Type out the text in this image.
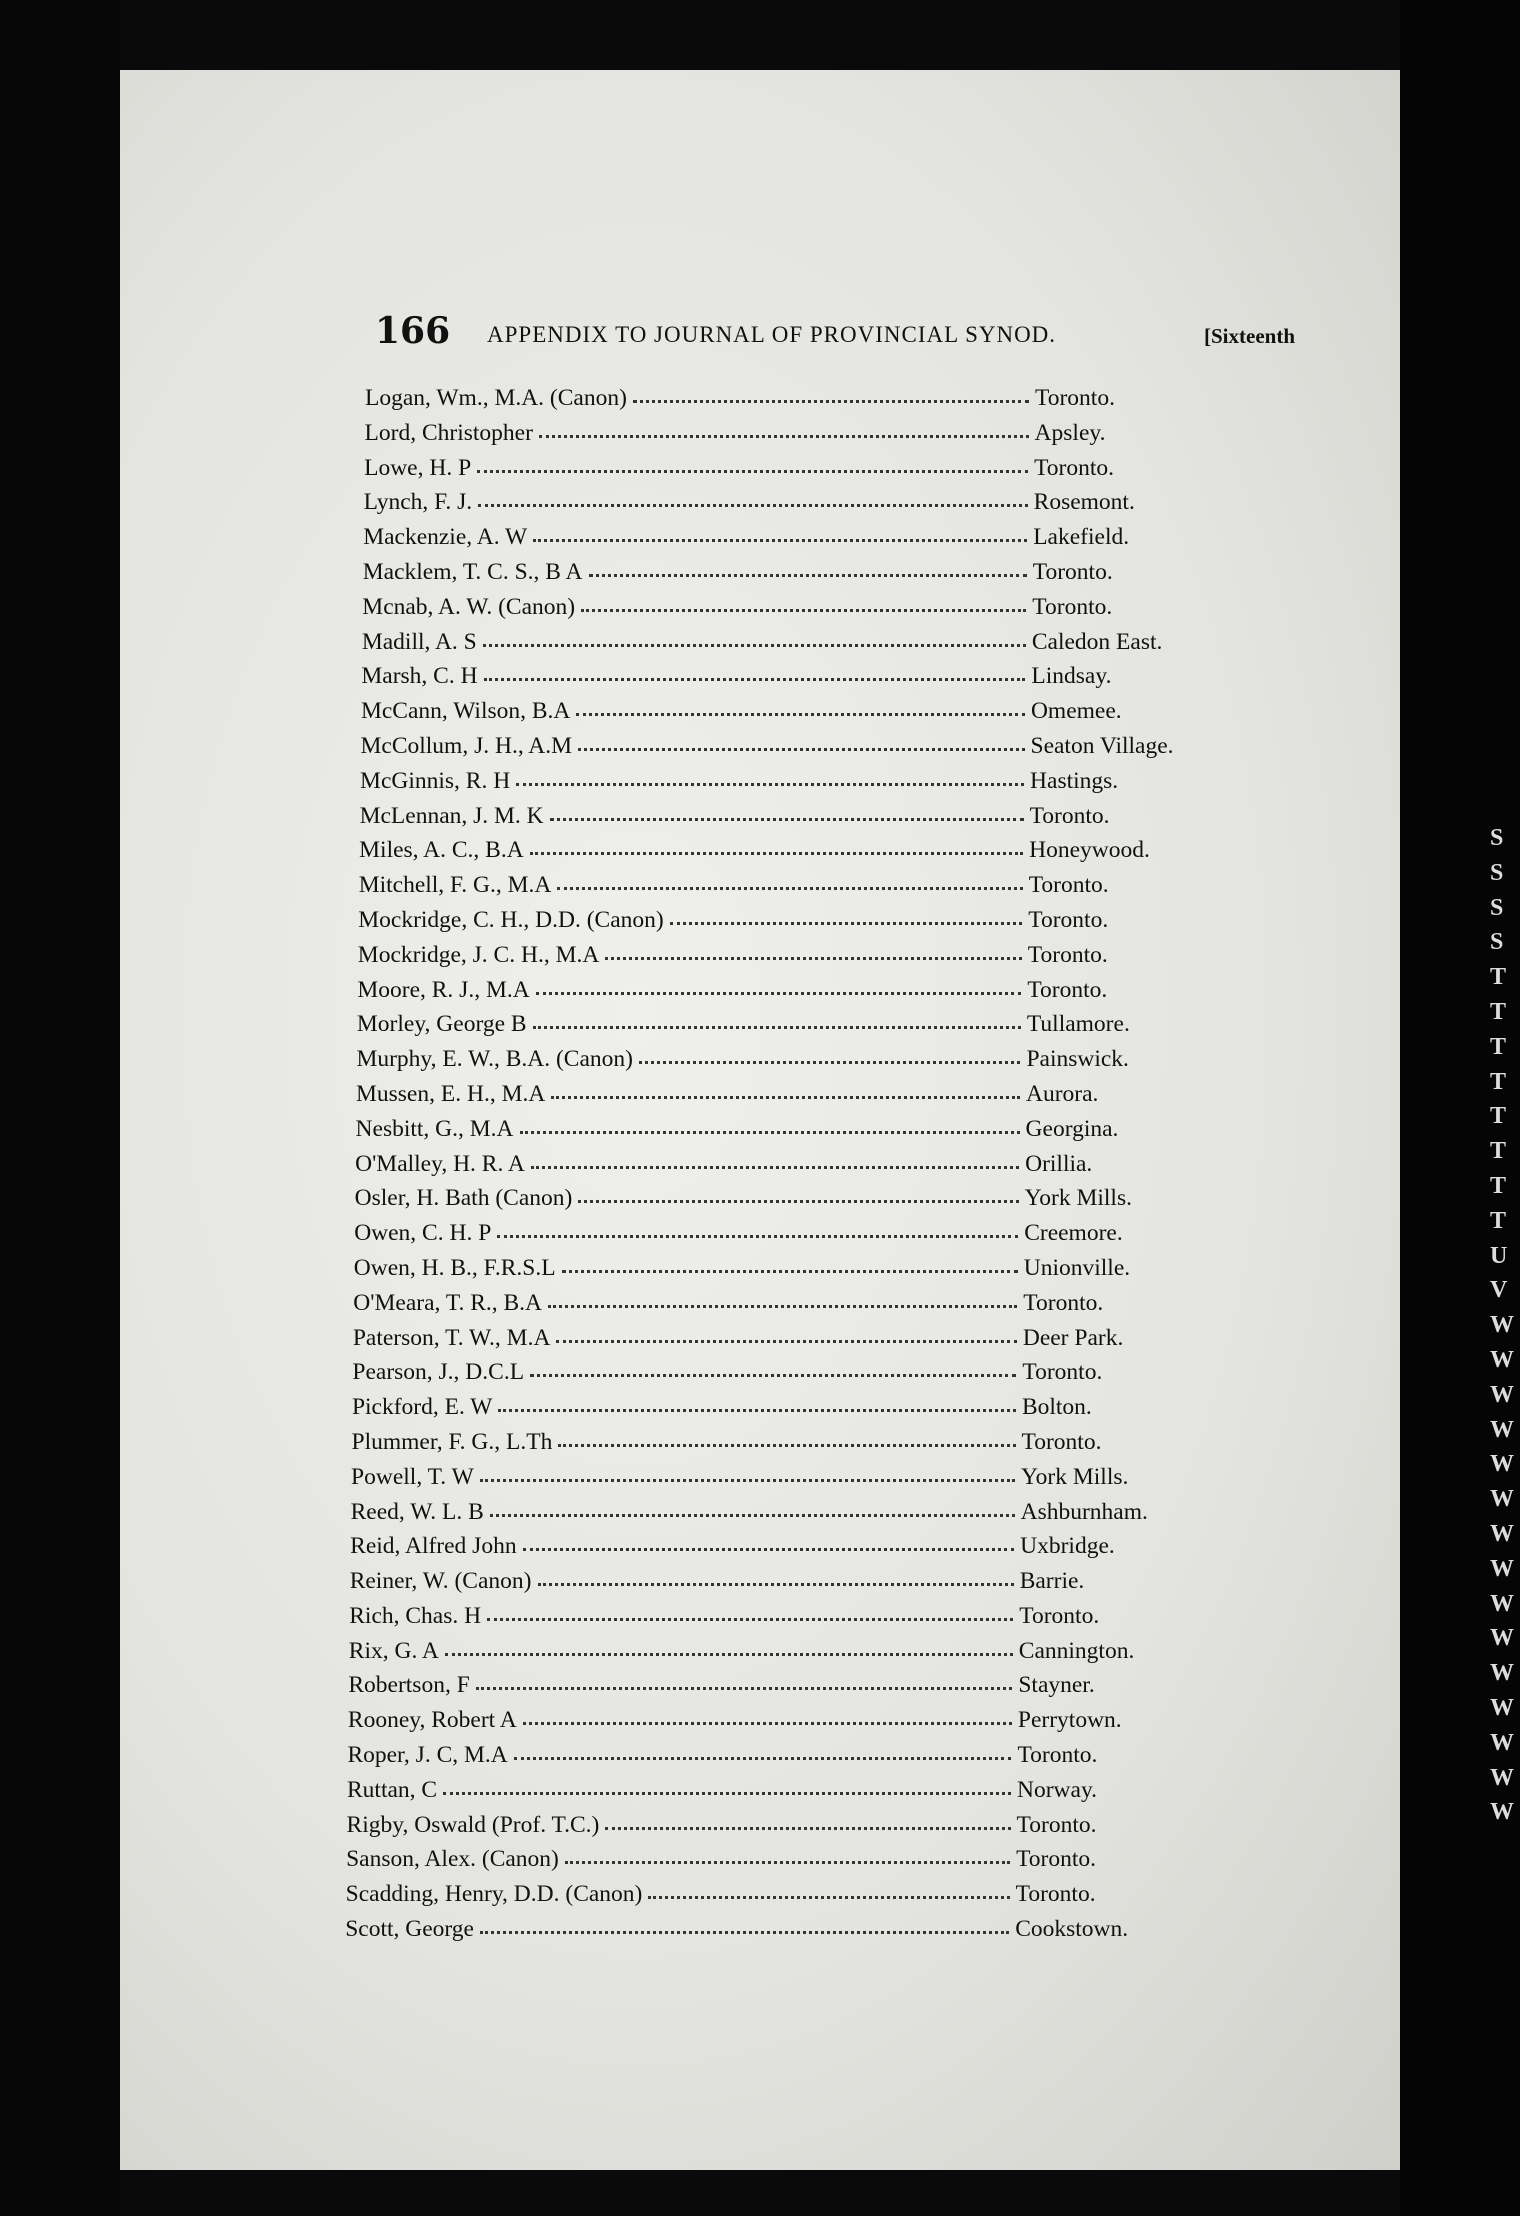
166 APPENDIX TO JOURNAL OF PROVINCIAL SYNOD.	[Sixteenth
Logan, Wm., M.A. (Canon)	Toronto.
Lord, Christopher	Apsley.
Lowe, H. P	Toronto.
Lynch, F. J.	Rosemont.
Mackenzie, A. W	Lakefield.
Macklem, T. C. S., B A	Toronto.
Mcnab, A. W. (Canon)	Toronto.
Madill, A. S	Caledon East.
Marsh, C. H	Lindsay.
McCann, Wilson, B.A	Omemee.
McCollum, J. H., A.M	Seaton Village.
McGinnis, R. H	Hastings.
McLennan, J. M. K	Toronto.
Miles, A. C., B.A	Honeywood.
Mitchell, F. G., M.A	Toronto.
Mockridge, C. H., D.D. (Canon)	Toronto.
Mockridge, J. C. H., M.A	Toronto.
Moore, R. J., M.A	Toronto.
Morley, George B	Tullamore.
Murphy, E. W., B.A. (Canon)	Painswick.
Mussen, E. H., M.A	Aurora.
Nesbitt, G., M.A	Georgina.
O'Malley, H. R. A	Orillia.
Osler, H. Bath (Canon)	York Mills.
Owen, C. H. P	Creemore.
Owen, H. B., F.R.S.L	Unionville.
O'Meara, T. R., B.A	Toronto.
Paterson, T. W., M.A	Deer Park.
Pearson, J., D.C.L	Toronto.
Pickford, E. W	Bolton.
Plummer, F. G., L.Th	Toronto.
Powell, T. W	York Mills.
Reed, W. L. B	Ashburnham.
Reid, Alfred John	Uxbridge.
Reiner, W. (Canon)	Barrie.
Rich, Chas. H	Toronto.
Rix, G. A	Cannington.
Robertson, F	Stayner.
Rooney, Robert A	Perrytown.
Roper, J. C, M.A	Toronto.
Ruttan, C	Norway.
Rigby, Oswald (Prof. T.C.)	Toronto.
Sanson, Alex. (Canon)	Toronto.
Scadding, Henry, D.D. (Canon)	Toronto.
Scott, George	Cookstown.
S
S
S
S
T
T
T
T
T
T
T
T
U
V
W
W
W
W
W
W
W
W
W
W
W
W
W
W
W
